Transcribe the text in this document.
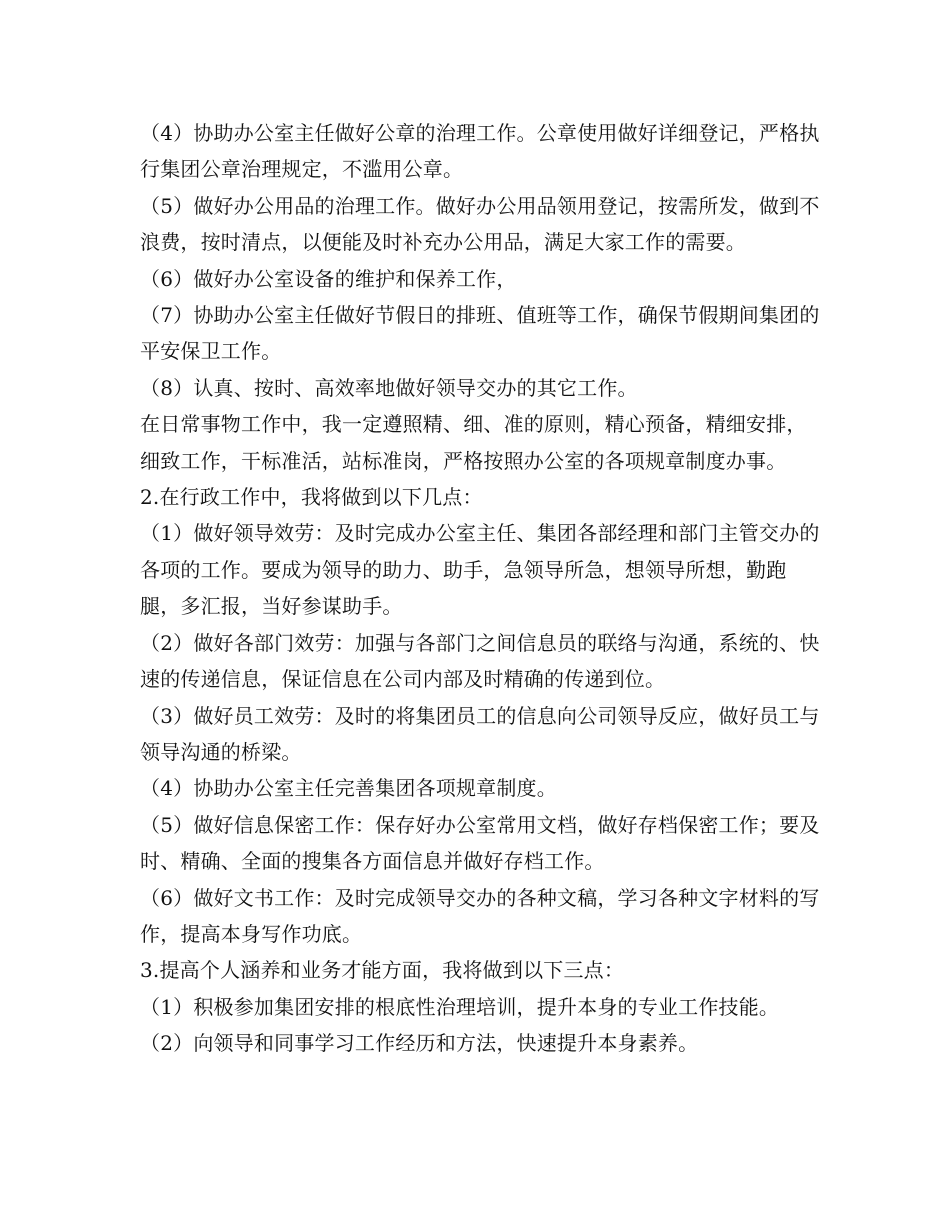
（4）协助办公室主任做好公章的治理工作。公章使用做好详细登记，严格执行集团公章治理规定，不滥用公章。

（5）做好办公用品的治理工作。做好办公用品领用登记，按需所发，做到不浪费，按时清点，以便能及时补充办公用品，满足大家工作的需要。

（6）做好办公室设备的维护和保养工作，

（7）协助办公室主任做好节假日的排班、值班等工作，确保节假期间集团的平安保卫工作。

（8）认真、按时、高效率地做好领导交办的其它工作。

在日常事物工作中，我一定遵照精、细、准的原则，精心预备，精细安排，细致工作，干标准活，站标准岗，严格按照办公室的各项规章制度办事。

2.在行政工作中，我将做到以下几点：

（1）做好领导效劳：及时完成办公室主任、集团各部经理和部门主管交办的各项的工作。要成为领导的助力、助手，急领导所急，想领导所想，勤跑腿，多汇报，当好参谋助手。

（2）做好各部门效劳：加强与各部门之间信息员的联络与沟通，系统的、快速的传递信息，保证信息在公司内部及时精确的传递到位。

（3）做好员工效劳：及时的将集团员工的信息向公司领导反应，做好员工与领导沟通的桥梁。

（4）协助办公室主任完善集团各项规章制度。

（5）做好信息保密工作：保存好办公室常用文档，做好存档保密工作；要及时、精确、全面的搜集各方面信息并做好存档工作。

（6）做好文书工作：及时完成领导交办的各种文稿，学习各种文字材料的写作，提高本身写作功底。

3.提高个人涵养和业务才能方面，我将做到以下三点：

（1）积极参加集团安排的根底性治理培训，提升本身的专业工作技能。

（2）向领导和同事学习工作经历和方法，快速提升本身素养。
